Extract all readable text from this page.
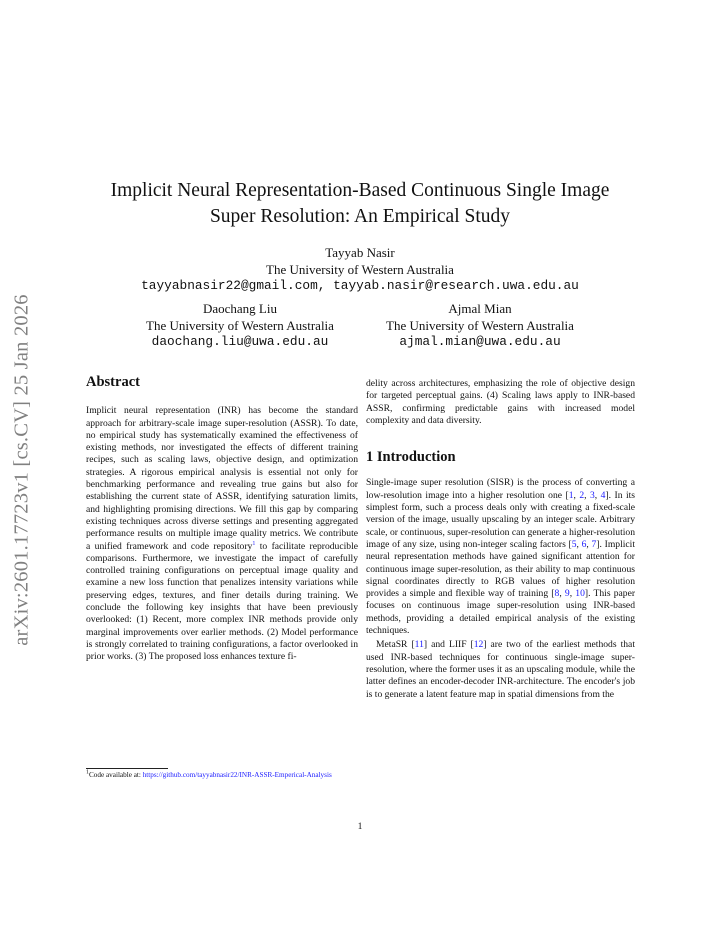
arXiv:2601.17723v1 [cs.CV] 25 Jan 2026
Implicit Neural Representation-Based Continuous Single Image
Super Resolution: An Empirical Study
Tayyab Nasir
The University of Western Australia
tayyabnasir22@gmail.com, tayyab.nasir@research.uwa.edu.au
Daochang Liu
The University of Western Australia
daochang.liu@uwa.edu.au
Ajmal Mian
The University of Western Australia
ajmal.mian@uwa.edu.au
Abstract

Implicit neural representation (INR) has become the standard approach for arbitrary-scale image super-resolution (ASSR). To date, no empirical study has systematically examined the effectiveness of existing methods, nor investigated the effects of different training recipes, such as scaling laws, objective design, and optimization strategies. A rigorous empirical analysis is essential not only for benchmarking performance and revealing true gains but also for establishing the current state of ASSR, identifying saturation limits, and highlighting promising directions. We fill this gap by comparing existing techniques across diverse settings and presenting aggregated performance results on multiple image quality metrics. We contribute a unified framework and code repository$^1$ to facilitate reproducible comparisons. Furthermore, we investigate the impact of carefully controlled training configurations on perceptual image quality and examine a new loss function that penalizes intensity variations while preserving edges, textures, and finer details during training. We conclude the following key insights that have been previously overlooked: (1) Recent, more complex INR methods provide only marginal improvements over earlier methods. (2) Model performance is strongly correlated to training configurations, a factor overlooked in prior works. (3) The proposed loss enhances texture fi-

delity across architectures, emphasizing the role of objective design for targeted perceptual gains. (4) Scaling laws apply to INR-based ASSR, confirming predictable gains with increased model complexity and data diversity.

1 Introduction

Single-image super resolution (SISR) is the process of converting a low-resolution image into a higher resolution one [1, 2, 3, 4]. In its simplest form, such a process deals only with creating a fixed-scale version of the image, usually upscaling by an integer scale. Arbitrary scale, or continuous, super-resolution can generate a higher-resolution image of any size, using non-integer scaling factors [5, 6, 7]. Implicit neural representation methods have gained significant attention for continuous image super-resolution, as their ability to map continuous signal coordinates directly to RGB values of higher resolution provides a simple and flexible way of training [8, 9, 10]. This paper focuses on continuous image super-resolution using INR-based methods, providing a detailed empirical analysis of the existing techniques.

MetaSR [11] and LIIF [12] are two of the earliest methods that used INR-based techniques for continuous single-image super-resolution, where the former uses it as an upscaling module, while the latter defines an encoder-decoder INR-architecture. The encoder's job is to generate a latent feature map in spatial dimensions from the

$^1$Code available at: https://github.com/tayyabnasir22/INR-ASSR-Emperical-Analysis
1
